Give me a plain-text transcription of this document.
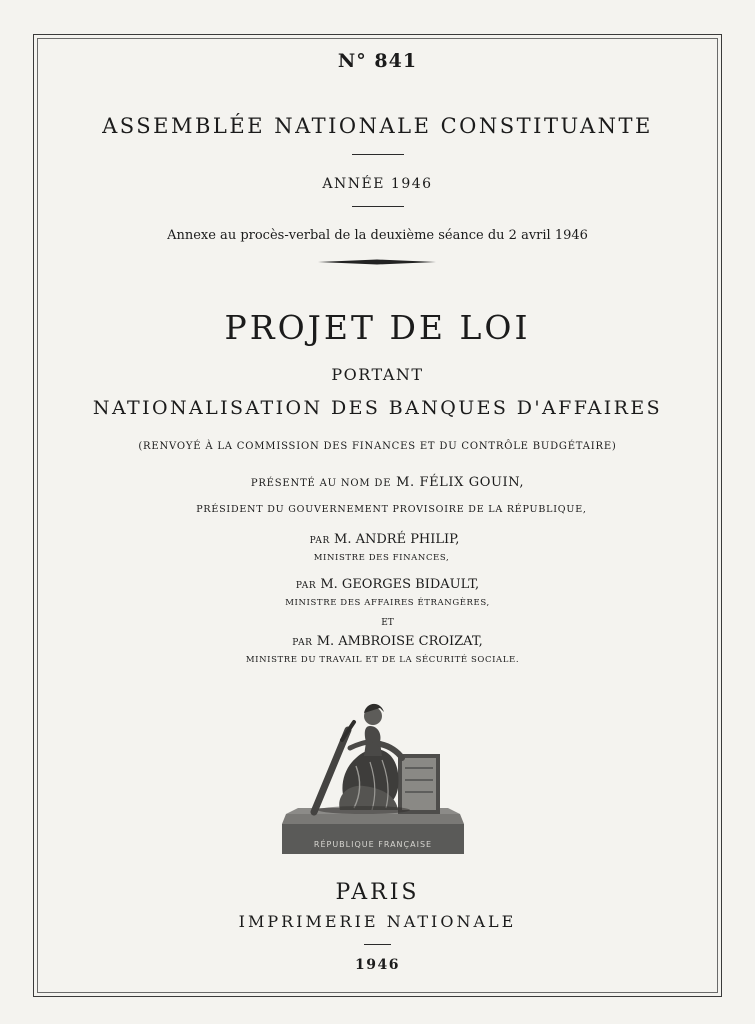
N° 841
ASSEMBLÉE NATIONALE CONSTITUANTE
ANNÉE 1946
Annexe au procès-verbal de la deuxième séance du 2 avril 1946
PROJET DE LOI
PORTANT
NATIONALISATION DES BANQUES D'AFFAIRES
(RENVOYÉ À LA COMMISSION DES FINANCES ET DU CONTRÔLE BUDGÉTAIRE)
PRÉSENTÉ AU NOM DE M. FÉLIX GOUIN,
PRÉSIDENT DU GOUVERNEMENT PROVISOIRE DE LA RÉPUBLIQUE,
PAR M. ANDRÉ PHILIP,
MINISTRE DES FINANCES,
PAR M. GEORGES BIDAULT,
MINISTRE DES AFFAIRES ÉTRANGÈRES,
ET
PAR M. AMBROISE CROIZAT,
MINISTRE DU TRAVAIL ET DE LA SÉCURITÉ SOCIALE.
RÉPUBLIQUE FRANÇAISE
PARIS
IMPRIMERIE NATIONALE
1946
